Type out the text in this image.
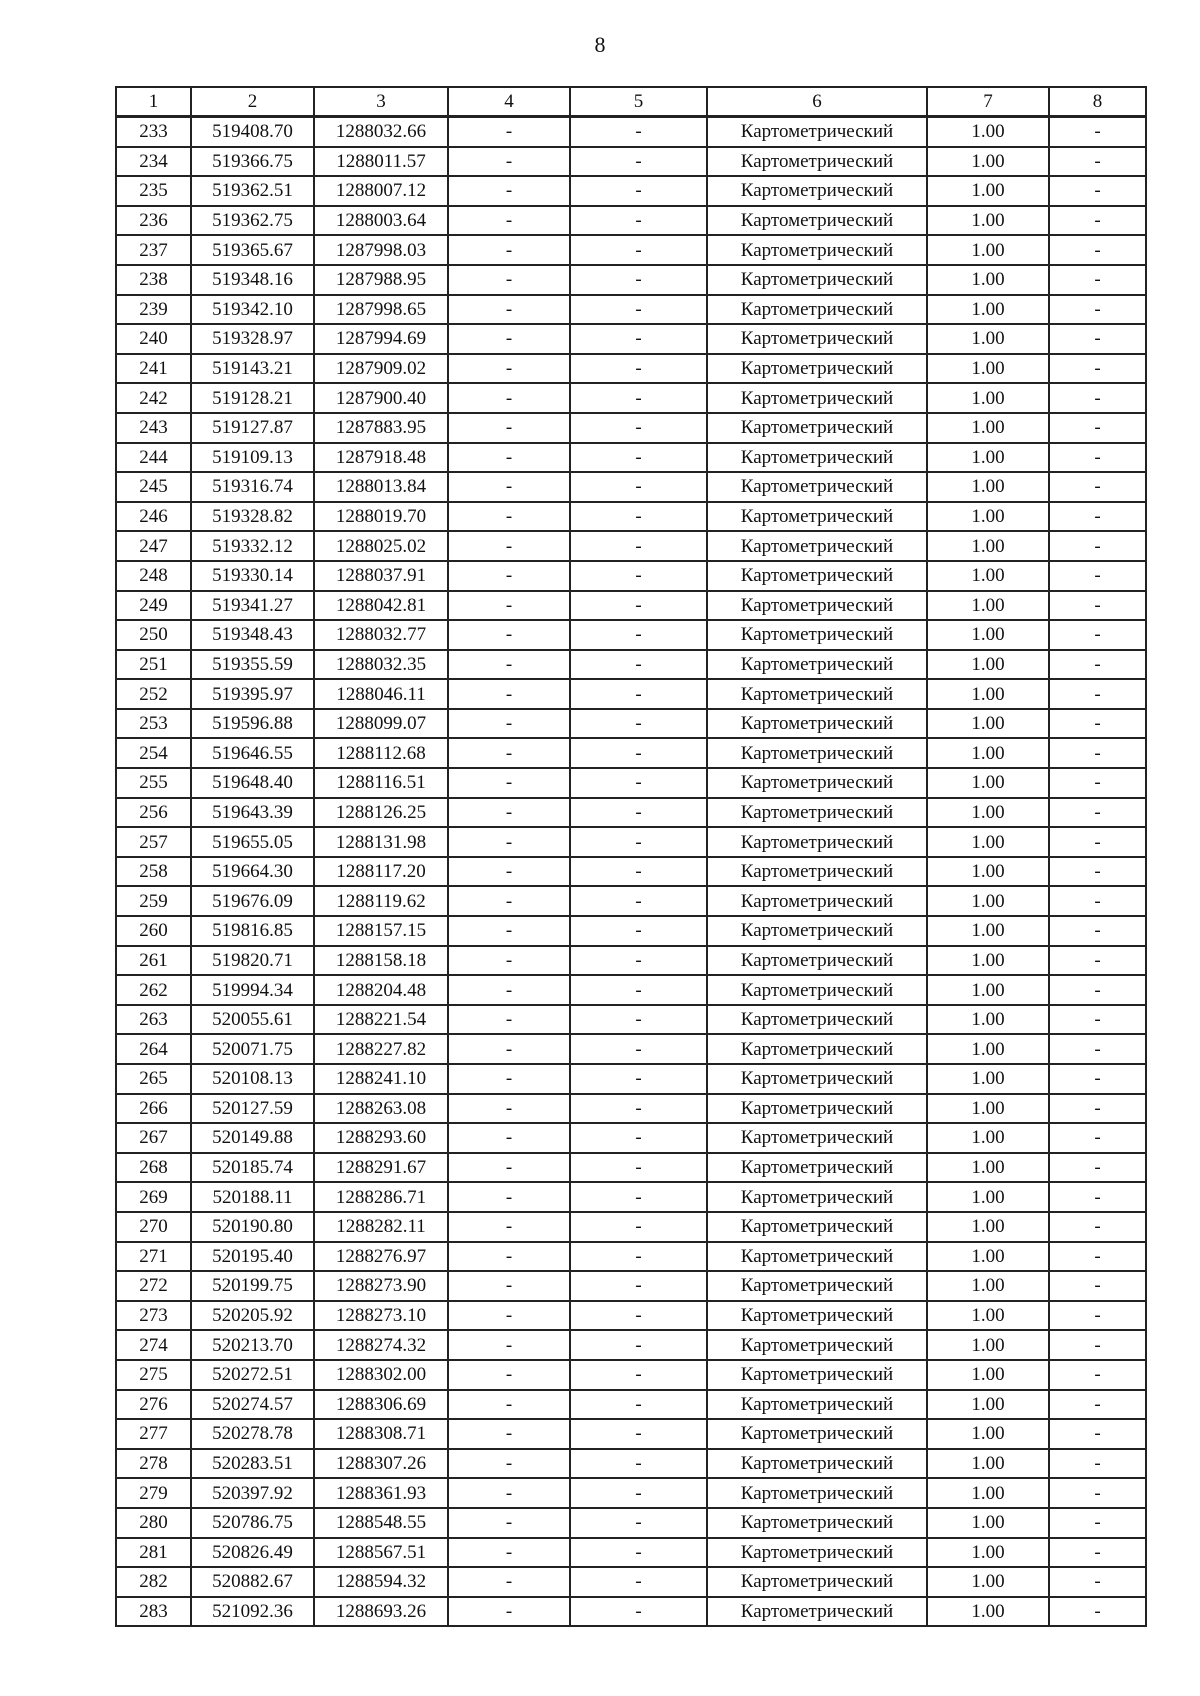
8
1	2	3	4	5	6	7	8
233	519408.70	1288032.66	-	-	Картометрический	1.00	-
234	519366.75	1288011.57	-	-	Картометрический	1.00	-
235	519362.51	1288007.12	-	-	Картометрический	1.00	-
236	519362.75	1288003.64	-	-	Картометрический	1.00	-
237	519365.67	1287998.03	-	-	Картометрический	1.00	-
238	519348.16	1287988.95	-	-	Картометрический	1.00	-
239	519342.10	1287998.65	-	-	Картометрический	1.00	-
240	519328.97	1287994.69	-	-	Картометрический	1.00	-
241	519143.21	1287909.02	-	-	Картометрический	1.00	-
242	519128.21	1287900.40	-	-	Картометрический	1.00	-
243	519127.87	1287883.95	-	-	Картометрический	1.00	-
244	519109.13	1287918.48	-	-	Картометрический	1.00	-
245	519316.74	1288013.84	-	-	Картометрический	1.00	-
246	519328.82	1288019.70	-	-	Картометрический	1.00	-
247	519332.12	1288025.02	-	-	Картометрический	1.00	-
248	519330.14	1288037.91	-	-	Картометрический	1.00	-
249	519341.27	1288042.81	-	-	Картометрический	1.00	-
250	519348.43	1288032.77	-	-	Картометрический	1.00	-
251	519355.59	1288032.35	-	-	Картометрический	1.00	-
252	519395.97	1288046.11	-	-	Картометрический	1.00	-
253	519596.88	1288099.07	-	-	Картометрический	1.00	-
254	519646.55	1288112.68	-	-	Картометрический	1.00	-
255	519648.40	1288116.51	-	-	Картометрический	1.00	-
256	519643.39	1288126.25	-	-	Картометрический	1.00	-
257	519655.05	1288131.98	-	-	Картометрический	1.00	-
258	519664.30	1288117.20	-	-	Картометрический	1.00	-
259	519676.09	1288119.62	-	-	Картометрический	1.00	-
260	519816.85	1288157.15	-	-	Картометрический	1.00	-
261	519820.71	1288158.18	-	-	Картометрический	1.00	-
262	519994.34	1288204.48	-	-	Картометрический	1.00	-
263	520055.61	1288221.54	-	-	Картометрический	1.00	-
264	520071.75	1288227.82	-	-	Картометрический	1.00	-
265	520108.13	1288241.10	-	-	Картометрический	1.00	-
266	520127.59	1288263.08	-	-	Картометрический	1.00	-
267	520149.88	1288293.60	-	-	Картометрический	1.00	-
268	520185.74	1288291.67	-	-	Картометрический	1.00	-
269	520188.11	1288286.71	-	-	Картометрический	1.00	-
270	520190.80	1288282.11	-	-	Картометрический	1.00	-
271	520195.40	1288276.97	-	-	Картометрический	1.00	-
272	520199.75	1288273.90	-	-	Картометрический	1.00	-
273	520205.92	1288273.10	-	-	Картометрический	1.00	-
274	520213.70	1288274.32	-	-	Картометрический	1.00	-
275	520272.51	1288302.00	-	-	Картометрический	1.00	-
276	520274.57	1288306.69	-	-	Картометрический	1.00	-
277	520278.78	1288308.71	-	-	Картометрический	1.00	-
278	520283.51	1288307.26	-	-	Картометрический	1.00	-
279	520397.92	1288361.93	-	-	Картометрический	1.00	-
280	520786.75	1288548.55	-	-	Картометрический	1.00	-
281	520826.49	1288567.51	-	-	Картометрический	1.00	-
282	520882.67	1288594.32	-	-	Картометрический	1.00	-
283	521092.36	1288693.26	-	-	Картометрический	1.00	-
